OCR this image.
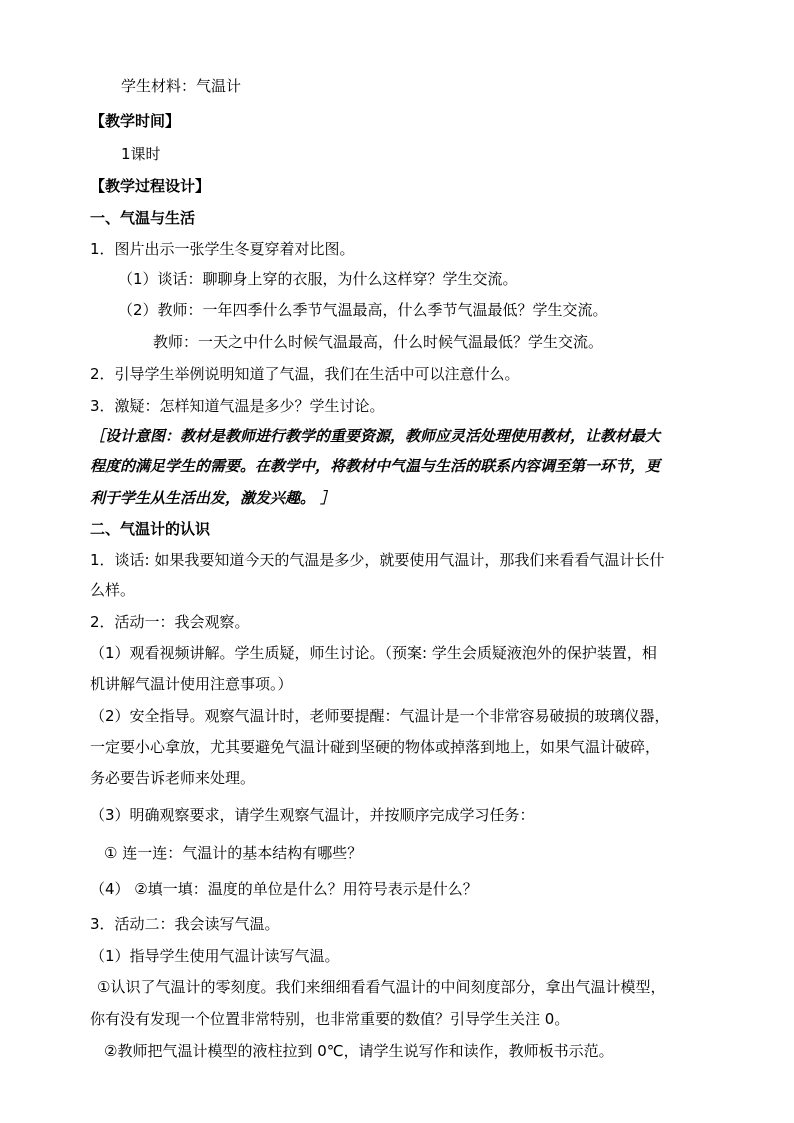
学生材料：气温计
【教学时间】
1课时
【教学过程设计】
一、气温与生活
1．图片出示一张学生冬夏穿着对比图。
（1）谈话：聊聊身上穿的衣服，为什么这样穿？学生交流。
（2）教师：一年四季什么季节气温最高，什么季节气温最低？学生交流。
教师：一天之中什么时候气温最高，什么时候气温最低？学生交流。
2．引导学生举例说明知道了气温，我们在生活中可以注意什么。
3．激疑：怎样知道气温是多少？学生讨论。
［设计意图：教材是教师进行教学的重要资源，教师应灵活处理使用教材，让教材最大
程度的满足学生的需要。在教学中，将教材中气温与生活的联系内容调至第一环节，更
利于学生从生活出发，激发兴趣。 ］
二、气温计的认识
1．谈话: 如果我要知道今天的气温是多少，就要使用气温计，那我们来看看气温计长什
么样。
2．活动一：我会观察。
（1）观看视频讲解。学生质疑，师生讨论。（预案: 学生会质疑液泡外的保护装置，相
机讲解气温计使用注意事项。）
（2）安全指导。观察气温计时，老师要提醒：气温计是一个非常容易破损的玻璃仪器，
一定要小心拿放，尤其要避免气温计碰到坚硬的物体或掉落到地上，如果气温计破碎，
务必要告诉老师来处理。
（3）明确观察要求，请学生观察气温计，并按顺序完成学习任务：
① 连一连：气温计的基本结构有哪些？
（4） ②填一填：温度的单位是什么？用符号表示是什么？
3．活动二：我会读写气温。
（1）指导学生使用气温计读写气温。
①认识了气温计的零刻度。我们来细细看看气温计的中间刻度部分，拿出气温计模型，
你有没有发现一个位置非常特别，也非常重要的数值？引导学生关注 0。
②教师把气温计模型的液柱拉到 0℃，请学生说写作和读作，教师板书示范。
